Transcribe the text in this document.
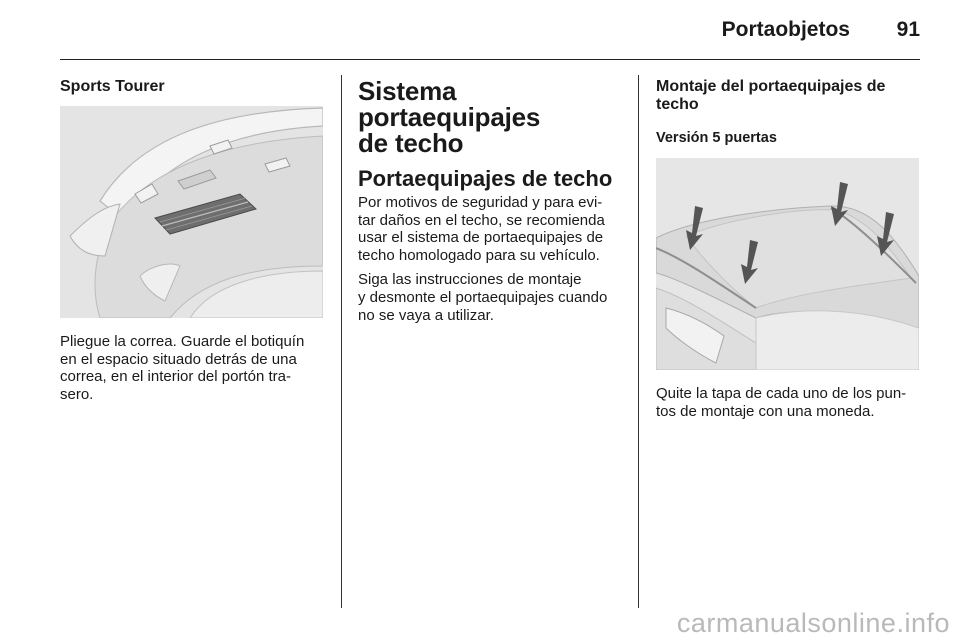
Portaobjetos	91
Sports Tourer

Pliegue la correa. Guarde el botiquín

en el espacio situado detrás de una

correa, en el interior del portón tra-

sero.

Sistema portaequipajes
de techo
Portaequipajes de techo

Por motivos de seguridad y para evi-

tar daños en el techo, se recomienda

usar el sistema de portaequipajes de

techo homologado para su vehículo.

Siga las instrucciones de montaje

y desmonte el portaequipajes cuando

no se vaya a utilizar.

Montaje del portaequipajes de
techo
Versión 5 puertas

Quite la tapa de cada uno de los pun-

tos de montaje con una moneda.

carmanualsonline.info
